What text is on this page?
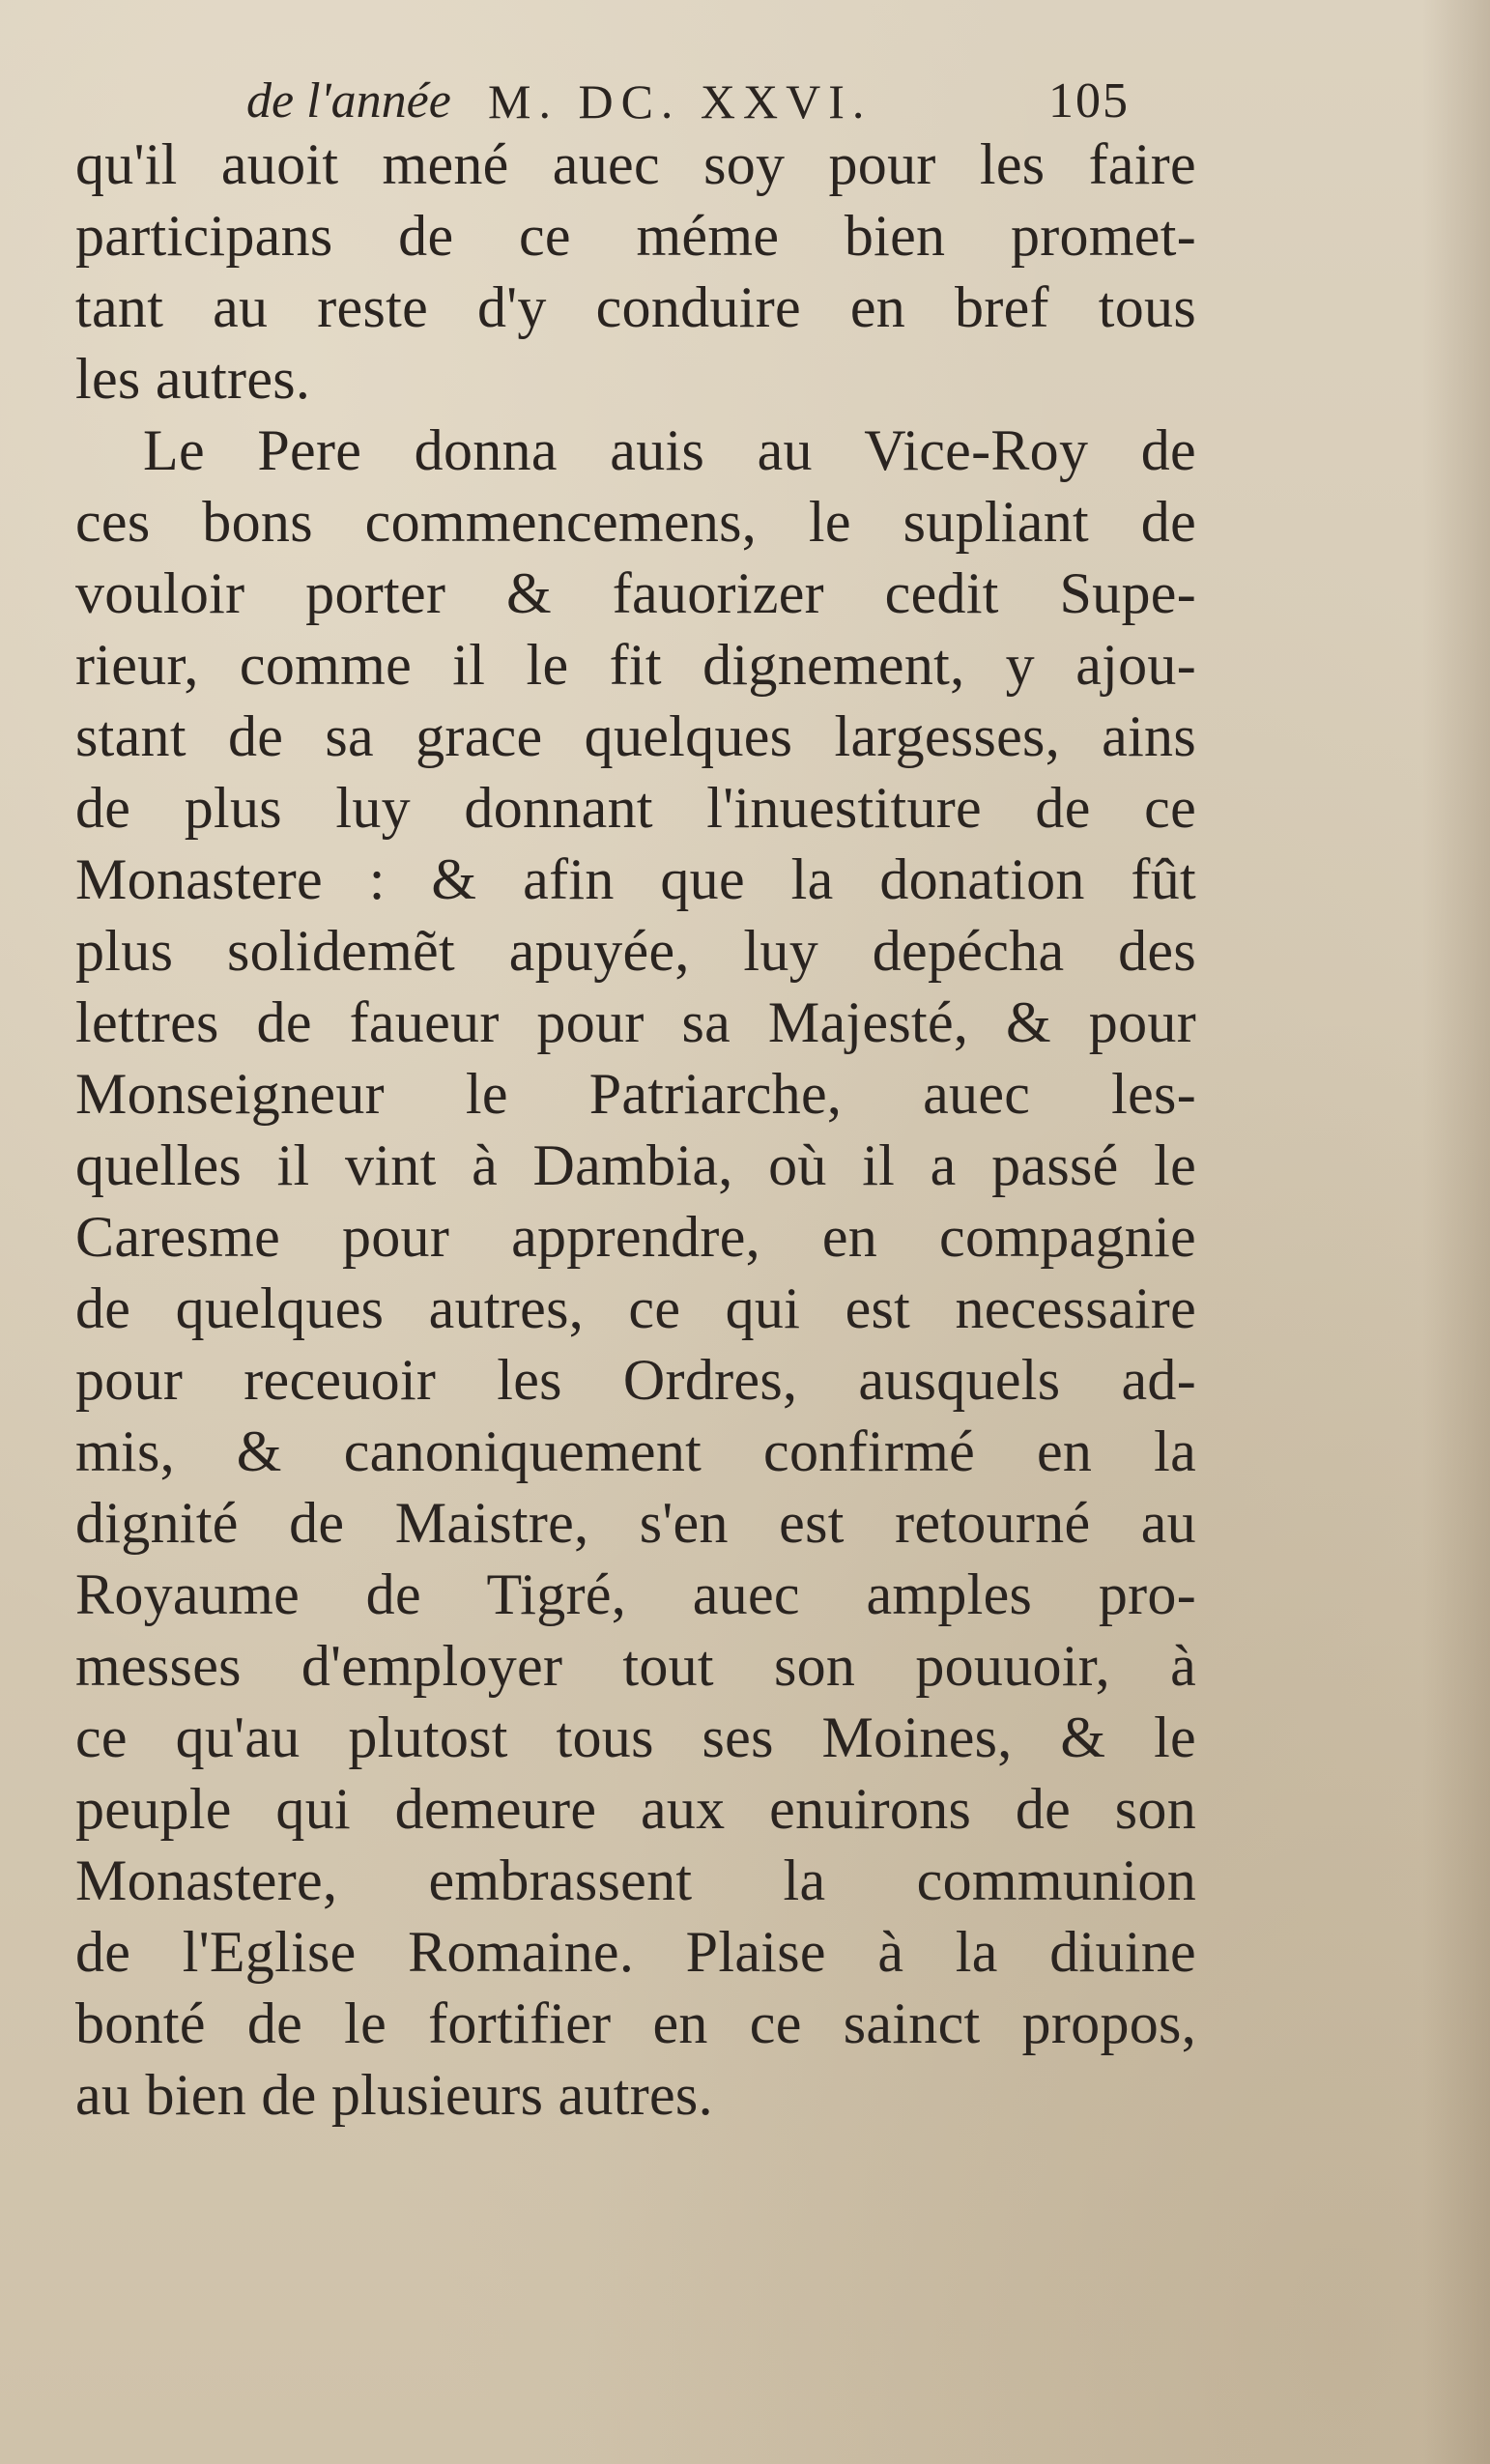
de l'année M. DC. XXVI.	105
qu'il auoit mené auec soy pour les faire
participans de ce méme bien promet-
tant au reste d'y conduire en bref tous
les autres.
Le Pere donna auis au Vice-Roy de
ces bons commencemens, le supliant de
vouloir porter & fauorizer cedit Supe-
rieur, comme il le fit dignement, y ajou-
stant de sa grace quelques largesses, ains
de plus luy donnant l'inuestiture de ce
Monastere : & afin que la donation fût
plus solidemẽt apuyée, luy depécha des
lettres de faueur pour sa Majesté, & pour
Monseigneur le Patriarche, auec les-
quelles il vint à Dambia, où il a passé le
Caresme pour apprendre, en compagnie
de quelques autres, ce qui est necessaire
pour receuoir les Ordres, ausquels ad-
mis, & canoniquement confirmé en la
dignité de Maistre, s'en est retourné au
Royaume de Tigré, auec amples pro-
messes d'employer tout son pouuoir, à
ce qu'au plutost tous ses Moines, & le
peuple qui demeure aux enuirons de son
Monastere, embrassent la communion
de l'Eglise Romaine. Plaise à la diuine
bonté de le fortifier en ce sainct propos,
au bien de plusieurs autres.
